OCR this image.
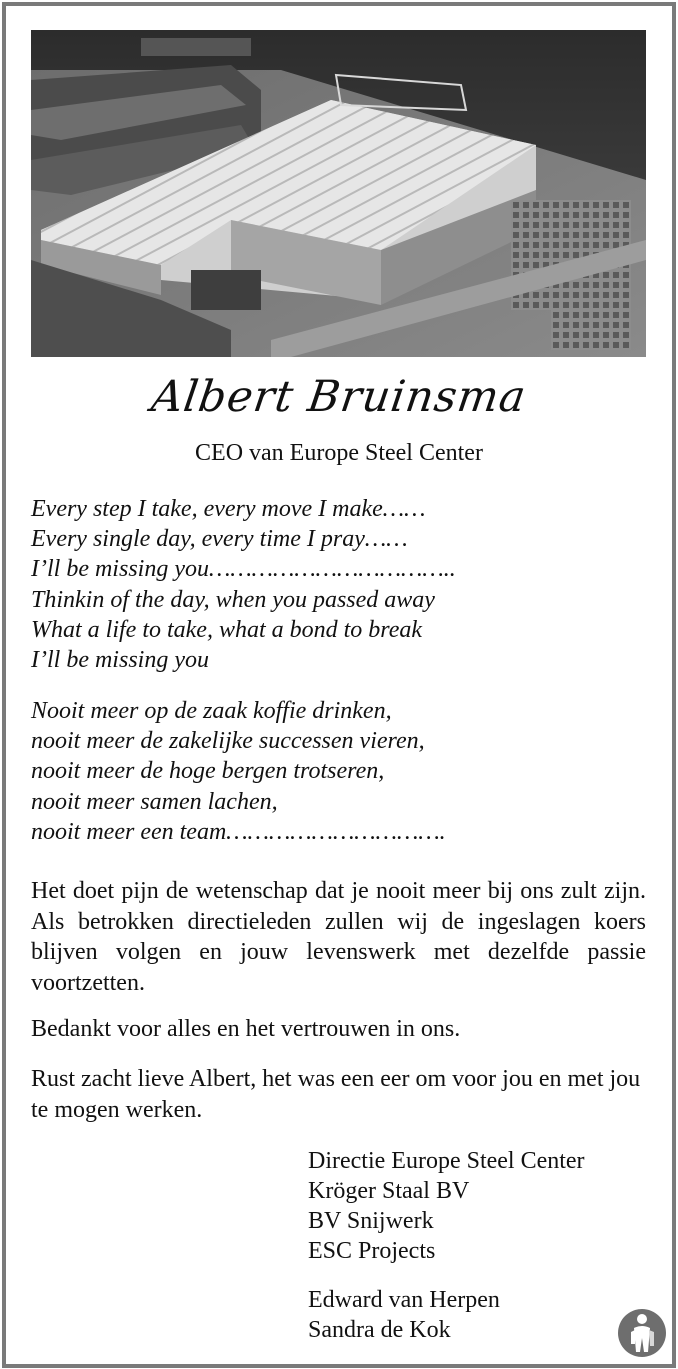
Albert Bruinsma
CEO van Europe Steel Center
Every step I take, every move I make……
Every single day, every time I pray……
I’ll be missing you……………………………..
Thinkin of the day, when you passed away
What a life to take, what a bond to break
I’ll be missing you
Nooit meer op de zaak koffie drinken,
nooit meer de zakelijke successen vieren,
nooit meer de hoge bergen trotseren,
nooit meer samen lachen,
nooit meer een team………………………….
Het doet pijn de wetenschap dat je nooit meer bij ons zult zijn. Als betrokken directieleden zullen wij de ingeslagen koers blijven volgen en jouw levenswerk met dezelfde passie voortzetten.
Bedankt voor alles en het vertrouwen in ons.
Rust zacht lieve Albert, het was een eer om voor jou en met jou te mogen werken.
Directie Europe Steel Center
Kröger Staal BV
BV Snijwerk
ESC Projects
Edward van Herpen
Sandra de Kok
